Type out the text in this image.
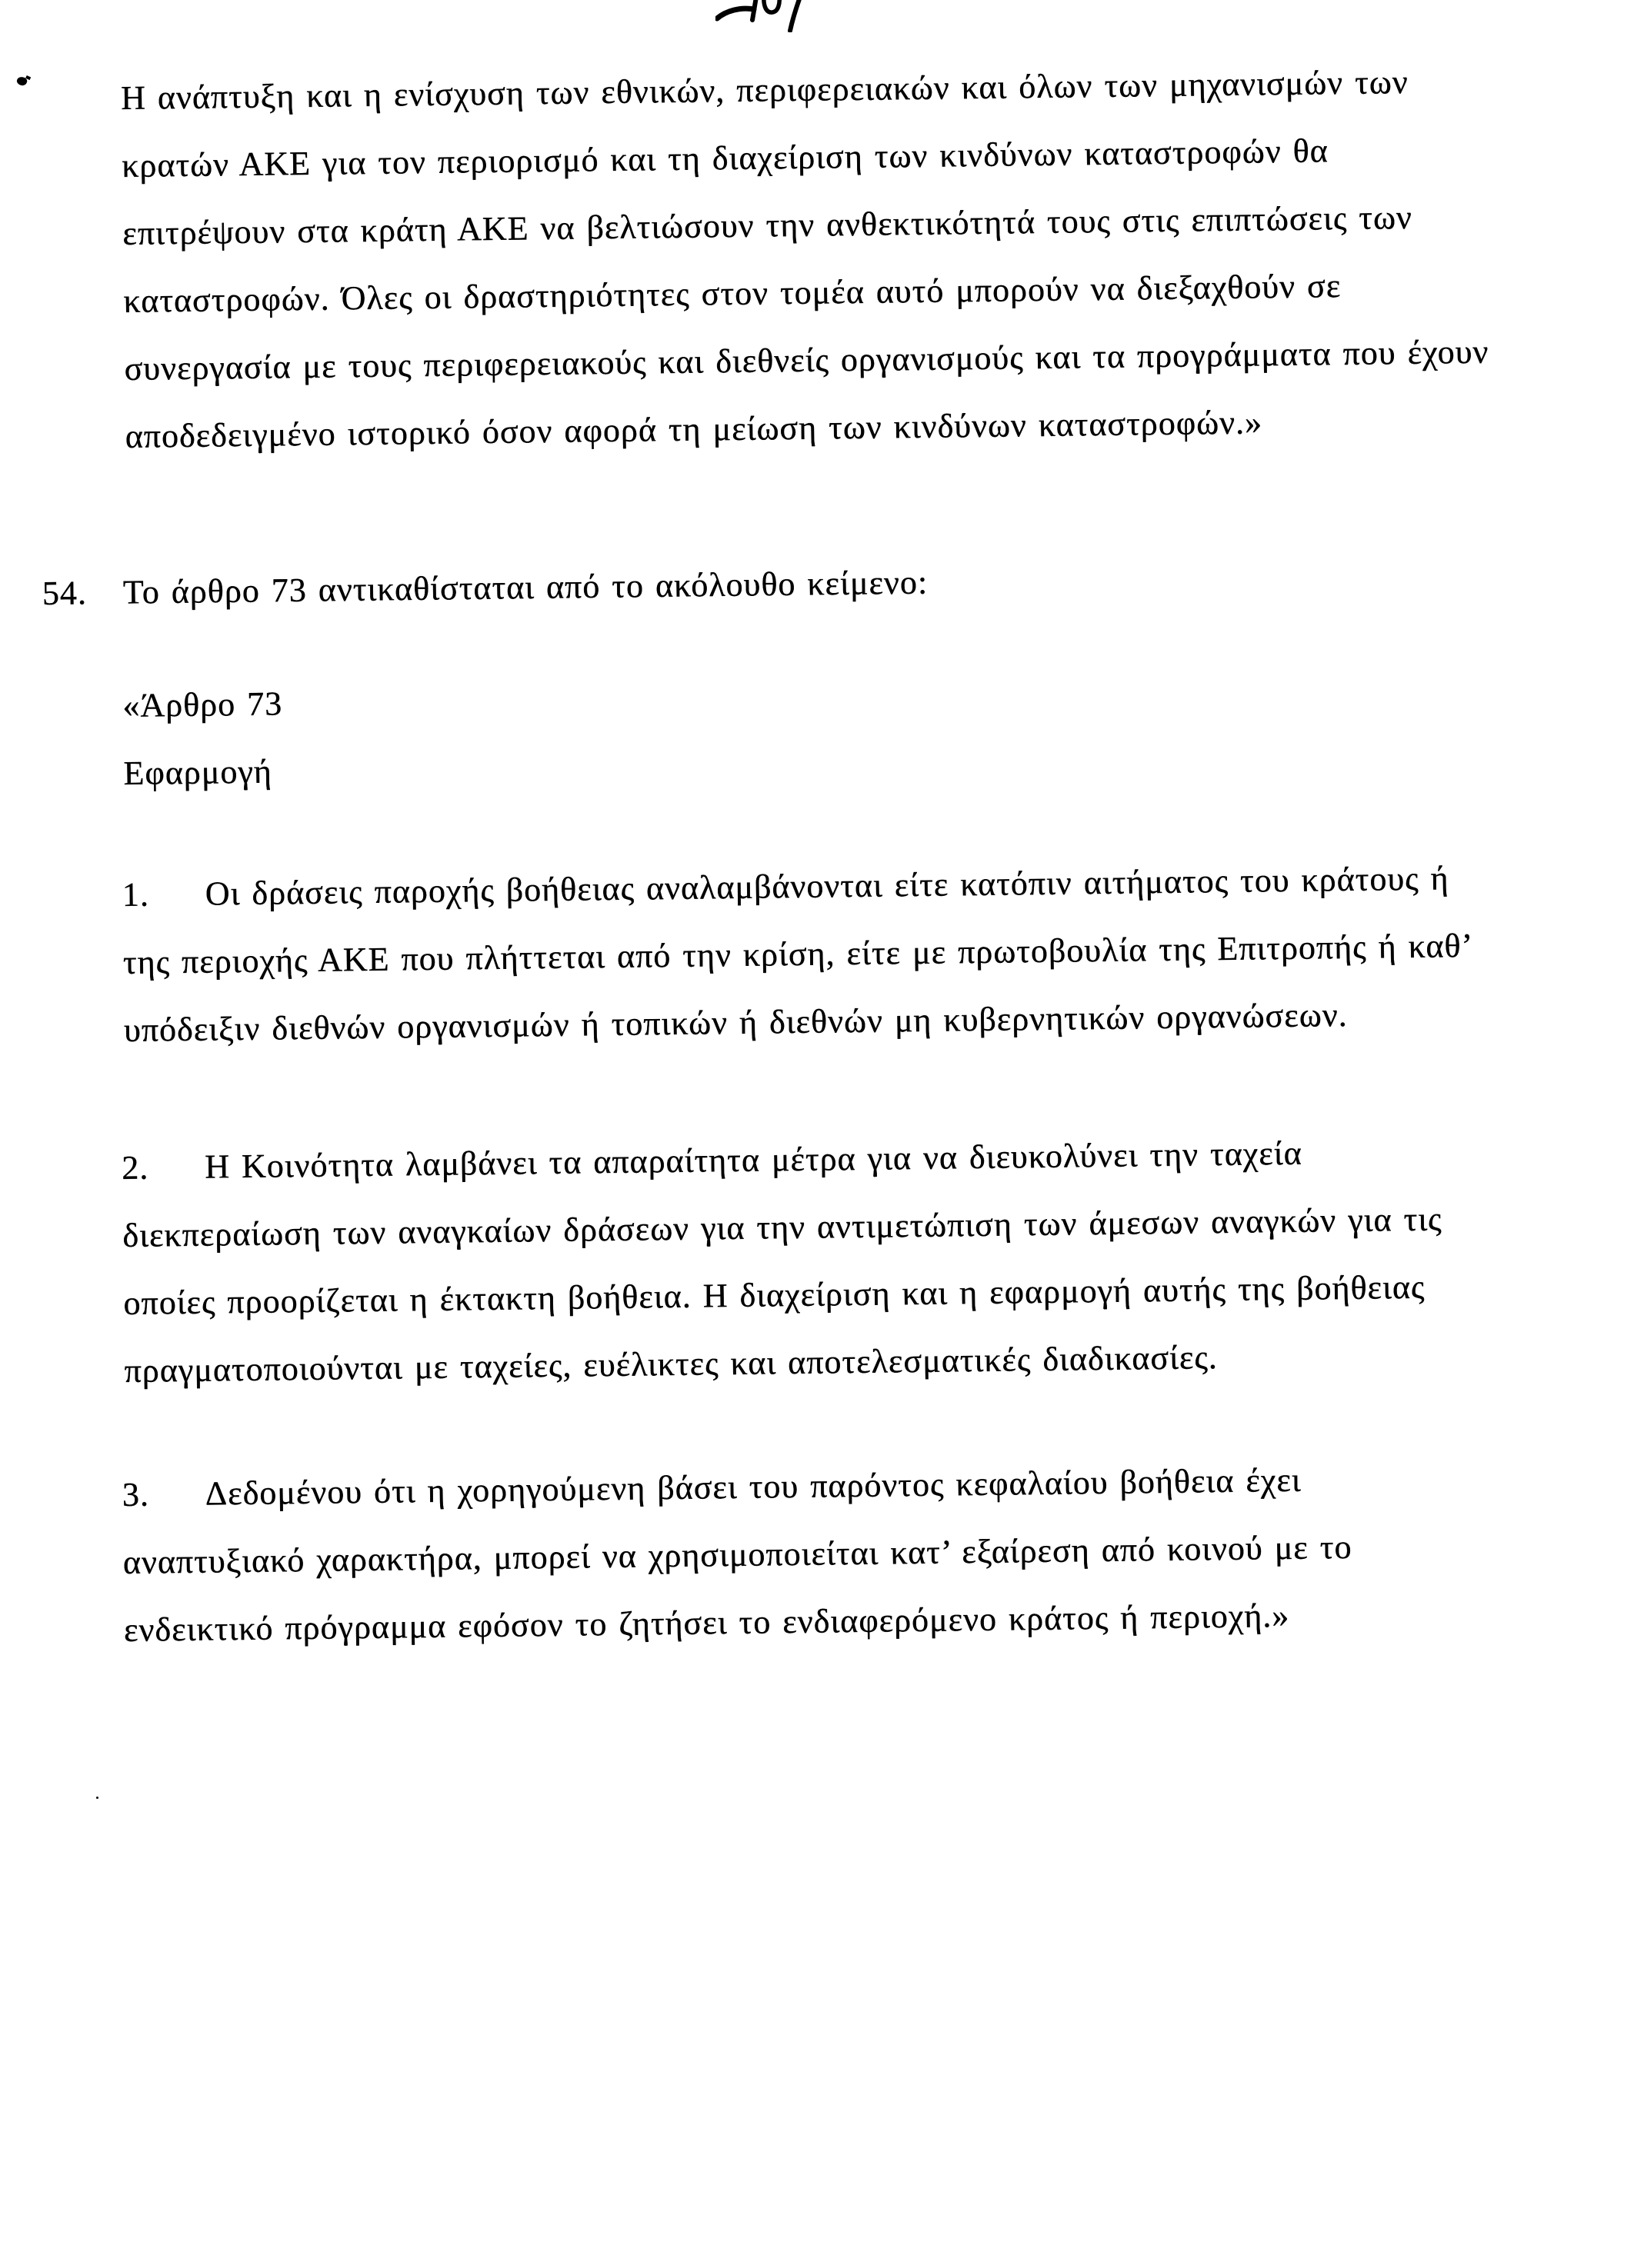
Η ανάπτυξη και η ενίσχυση των εθνικών, περιφερειακών και όλων των μηχανισμών των
κρατών ΑΚΕ για τον περιορισμό και τη διαχείριση των κινδύνων καταστροφών θα
επιτρέψουν στα κράτη ΑΚΕ να βελτιώσουν την ανθεκτικότητά τους στις επιπτώσεις των
καταστροφών. Όλες οι δραστηριότητες στον τομέα αυτό μπορούν να διεξαχθούν σε
συνεργασία με τους περιφερειακούς και διεθνείς οργανισμούς και τα προγράμματα που έχουν
αποδεδειγμένο ιστορικό όσον αφορά τη μείωση των κινδύνων καταστροφών.»
54.	Το άρθρο 73 αντικαθίσταται από το ακόλουθο κείμενο:
«Άρθρο 73
Εφαρμογή
1.	Οι δράσεις παροχής βοήθειας αναλαμβάνονται είτε κατόπιν αιτήματος του κράτους ή
της περιοχής ΑΚΕ που πλήττεται από την κρίση, είτε με πρωτοβουλία της Επιτροπής ή καθ’
υπόδειξιν διεθνών οργανισμών ή τοπικών ή διεθνών μη κυβερνητικών οργανώσεων.
2.	Η Κοινότητα λαμβάνει τα απαραίτητα μέτρα για να διευκολύνει την ταχεία
διεκπεραίωση των αναγκαίων δράσεων για την αντιμετώπιση των άμεσων αναγκών για τις
οποίες προορίζεται η έκτακτη βοήθεια. Η διαχείριση και η εφαρμογή αυτής της βοήθειας
πραγματοποιούνται με ταχείες, ευέλικτες και αποτελεσματικές διαδικασίες.
3.	Δεδομένου ότι η χορηγούμενη βάσει του παρόντος κεφαλαίου βοήθεια έχει
αναπτυξιακό χαρακτήρα, μπορεί να χρησιμοποιείται κατ’ εξαίρεση από κοινού με το
ενδεικτικό πρόγραμμα εφόσον το ζητήσει το ενδιαφερόμενο κράτος ή περιοχή.»
